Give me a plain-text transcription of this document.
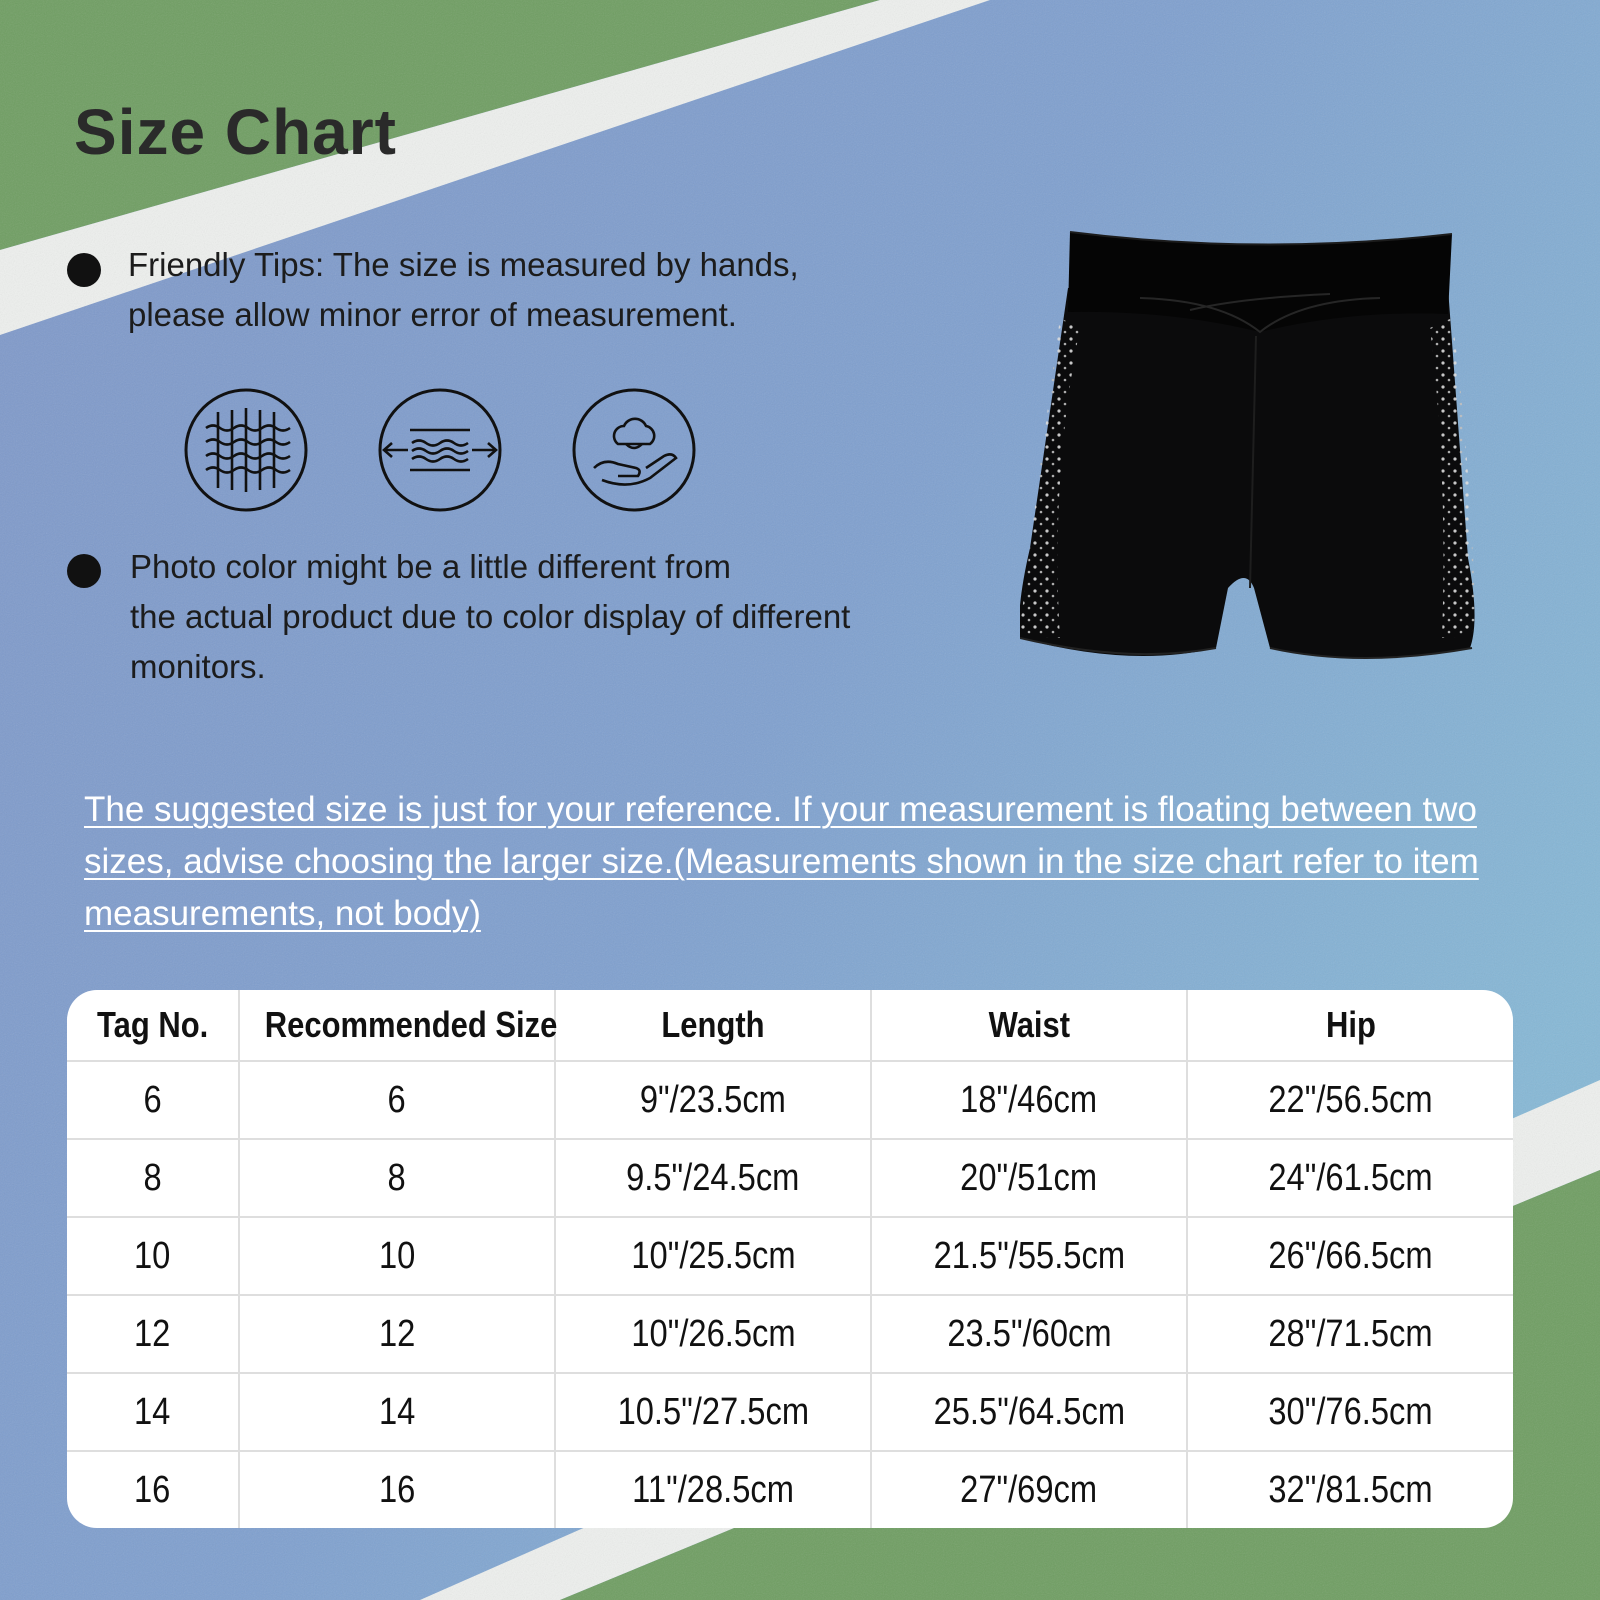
Size Chart
Friendly Tips: The size is measured by hands,
please allow minor error of measurement.
Photo color might be a little different from
the actual product due to color display of different
monitors.
The suggested size is just for your reference. If your measurement is floating between two sizes, advise choosing the larger size.(Measurements shown in the size chart refer to item measurements, not body)
Tag No.	Recommended Size	Length	Waist	Hip
6	6	9"/23.5cm	18"/46cm	22"/56.5cm
8	8	9.5"/24.5cm	20"/51cm	24"/61.5cm
10	10	10"/25.5cm	21.5"/55.5cm	26"/66.5cm
12	12	10"/26.5cm	23.5"/60cm	28"/71.5cm
14	14	10.5"/27.5cm	25.5"/64.5cm	30"/76.5cm
16	16	11"/28.5cm	27"/69cm	32"/81.5cm
